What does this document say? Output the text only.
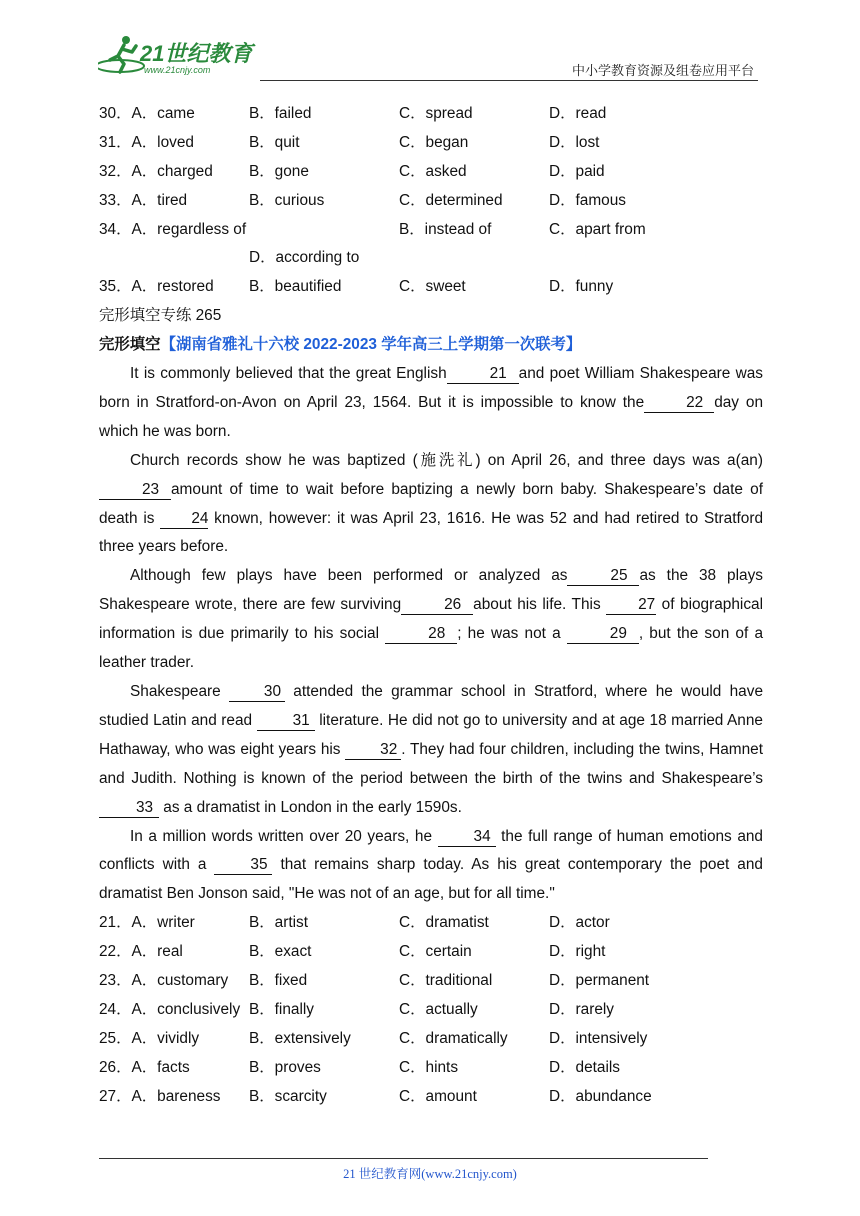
21世纪教育
www.21cnjy.com	中小学教育资源及组卷应用平台
30．A．came	B．failed	C．spread	D．read
31．A．loved	B．quit	C．began	D．lost
32．A．charged B．gone	C．asked	D．paid
33．A．tired	B．curious	C．determined	D．famous
34．A．regardless of	B．instead of	C．apart from
D．according to
35．A．restored B．beautified	C．sweet	D．funny
完形填空专练 265
完形填空【湖南省雅礼十六校 2022-2023 学年高三上学期第一次联考】

It is commonly believed that the great English	21 and poet William Shakespeare was born in Stratford-on-Avon on April 23, 1564. But it is impossible to know the	22 day on which he was born.

Church records show he was baptized (施洗礼) on April 26, and three days was a(an)23 amount of time to wait before baptizing a newly born baby. Shakespeare’s date of death is 24 known, however: it was April 23, 1616. He was 52 and had retired to Stratford three years before.

Although few plays have been performed or analyzed as	25 as the 38 plays Shakespeare wrote, there are few surviving	26 about his life. This 27 of biographical information is due primarily to his social	28 ; he was not a	29 , but the son of a leather trader.

Shakespeare	30 attended the grammar school in Stratford, where he would have studied Latin and read	31 literature. He did not go to university and at age 18 married Anne Hathaway, who was eight years his	32 . They had four children, including the twins, Hamnet and Judith. Nothing is known of the period between the birth of the twins and Shakespeare’s 33 as a dramatist in London in the early 1590s.

In a million words written over 20 years, he	34 the full range of human emotions and conflicts with a	35 that remains sharp today. As his great contemporary the poet and dramatist Ben Jonson said, "He was not of an age, but for all time."

21．A．writer	B．artist	C．dramatist	D．actor
22．A．real	B．exact	C．certain	D．right
23．A．customary B．fixed	C．traditional	D．permanent
24．A．conclusively B．finally	C．actually	D．rarely
25．A．vividly	B．extensively	C．dramatically	D．intensively
26．A．facts	B．proves	C．hints	D．details
27．A．bareness B．scarcity	C．amount	D．abundance
21 世纪教育网(www.21cnjy.com)
